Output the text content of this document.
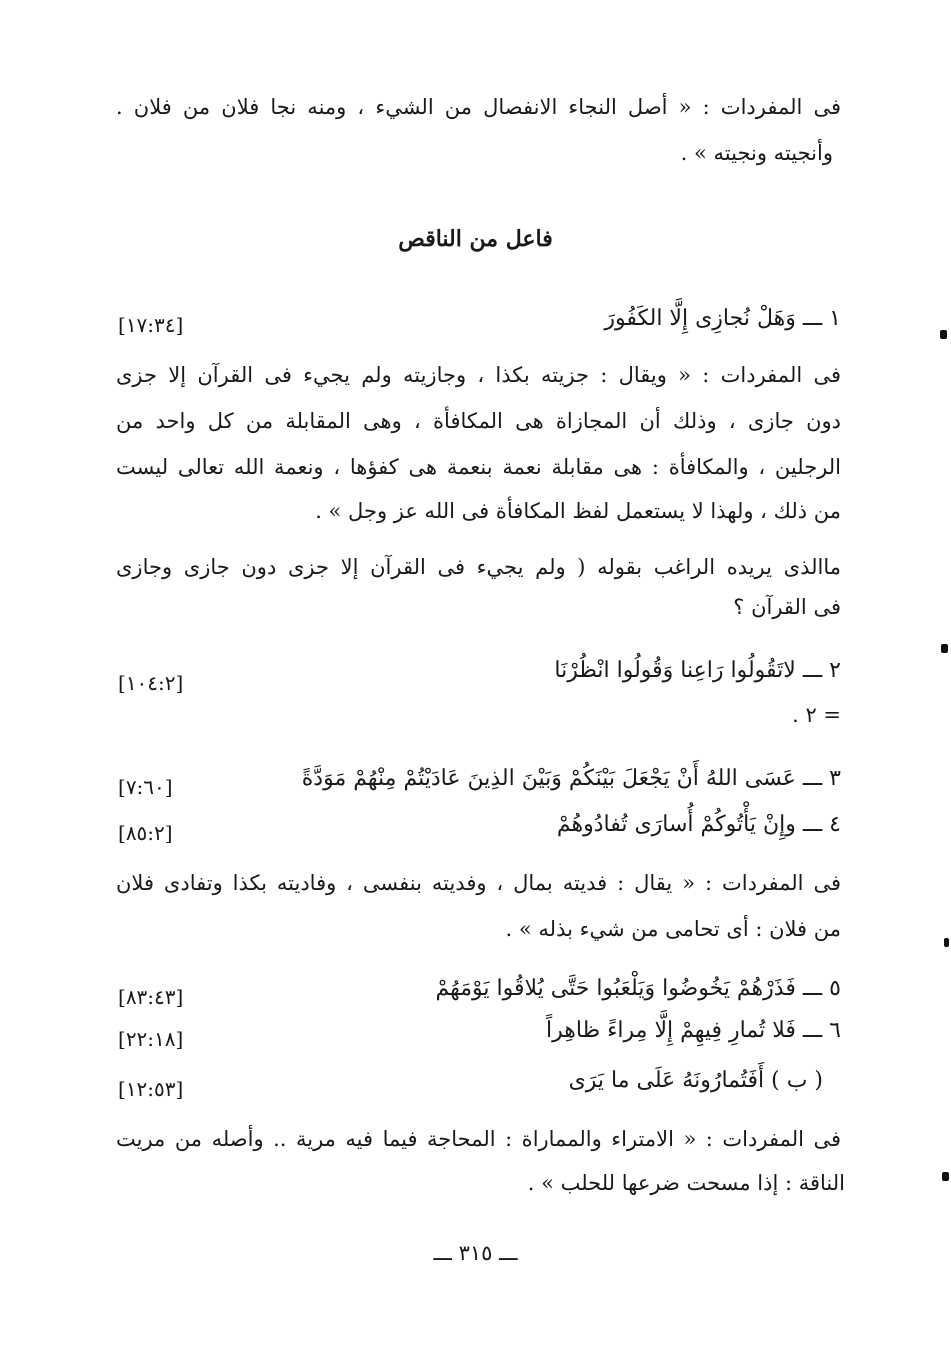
فى المفردات : « أصل النجاء الانفصال من الشيء ، ومنه نجا فلان من فلان .
وأنجيته ونجيته » .
فاعل من الناقص
١ ـــ وَهَلْ نُجازِى إِلَّا الكَفُورَ
[١٧:٣٤]
فى المفردات : « ويقال : جزيته بكذا ، وجازيته ولم يجيء فى القرآن إلا جزى
دون جازى ، وذلك أن المجازاة هى المكافأة ، وهى المقابلة من كل واحد من
الرجلين ، والمكافأة : هى مقابلة نعمة بنعمة هى كفؤها ، ونعمة الله تعالى ليست
من ذلك ، ولهذا لا يستعمل لفظ المكافأة فى الله عز وجل » .
ماالذى يريده الراغب بقوله ( ولم يجيء فى القرآن إلا جزى دون جازى وجازى
فى القرآن ؟
٢ ـــ لاتَقُولُوا رَاعِنا وَقُولُوا انْظُرْنَا
[١٠٤:٢]
= ٢ .
٣ ـــ عَسَى اللهُ أَنْ يَجْعَلَ بَيْنَكُمْ وَبَيْنَ الذِينَ عَادَيْتُمْ مِنْهُمْ مَوَدَّةً
[٧:٦٠]
٤ ـــ وإِنْ يَأْتُوكُمْ أُسارَى تُفادُوهُمْ
[٨٥:٢]
فى المفردات : « يقال : فديته بمال ، وفديته بنفسى ، وفاديته بكذا وتفادى فلان
من فلان : أى تحامى من شيء بذله » .
٥ ـــ فَذَرْهُمْ يَخُوضُوا وَيَلْعَبُوا حَتَّى يُلاقُوا يَوْمَهُمْ
[٨٣:٤٣]
٦ ـــ فَلا تُمارِ فِيهِمْ إِلَّا مِراءً ظاهِراً
[٢٢:١٨]
( ب ) أَفَتُمارُونَهُ عَلَى ما يَرَى
[١٢:٥٣]
فى المفردات : « الامتراء والمماراة : المحاجة فيما فيه مرية .. وأصله من مريت
الناقة : إذا مسحت ضرعها للحلب » .
ـــ ٣١٥ ـــ
